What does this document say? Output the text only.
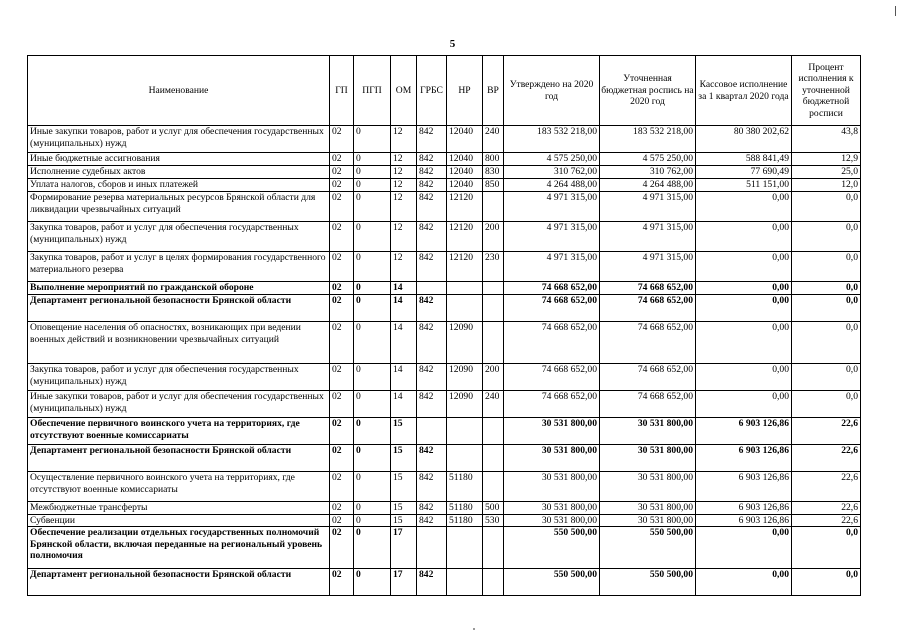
5
Наименование	ГП	ПГП	ОМ	ГРБС	НР	ВР	Утверждено на 2020 год	Уточненная бюджетная роспись на 2020 год	Кассовое исполнение за 1 квартал 2020 года	Процент исполнения к уточненной бюджетной росписи
Иные закупки товаров, работ и услуг для обеспечения государственных (муниципальных) нужд	02	0	12	842	12040	240	183 532 218,00	183 532 218,00	80 380 202,62	43,8
Иные бюджетные ассигнования	02	0	12	842	12040	800	4 575 250,00	4 575 250,00	588 841,49	12,9
Исполнение судебных актов	02	0	12	842	12040	830	310 762,00	310 762,00	77 690,49	25,0
Уплата налогов, сборов и иных платежей	02	0	12	842	12040	850	4 264 488,00	4 264 488,00	511 151,00	12,0
Формирование резерва материальных ресурсов Брянской области для ликвидации чрезвычайных ситуаций	02	0	12	842	12120		4 971 315,00	4 971 315,00	0,00	0,0
Закупка товаров, работ и услуг для обеспечения государственных (муниципальных) нужд	02	0	12	842	12120	200	4 971 315,00	4 971 315,00	0,00	0,0
Закупка товаров, работ и услуг в целях формирования государственного материального резерва	02	0	12	842	12120	230	4 971 315,00	4 971 315,00	0,00	0,0
Выполнение мероприятий по гражданской обороне	02	0	14				74 668 652,00	74 668 652,00	0,00	0,0
Департамент региональной безопасности Брянской области	02	0	14	842			74 668 652,00	74 668 652,00	0,00	0,0
Оповещение населения об опасностях, возникающих при ведении военных действий и возникновении чрезвычайных ситуаций	02	0	14	842	12090		74 668 652,00	74 668 652,00	0,00	0,0
Закупка товаров, работ и услуг для обеспечения государственных (муниципальных) нужд	02	0	14	842	12090	200	74 668 652,00	74 668 652,00	0,00	0,0
Иные закупки товаров, работ и услуг для обеспечения государственных (муниципальных) нужд	02	0	14	842	12090	240	74 668 652,00	74 668 652,00	0,00	0,0
Обеспечение первичного воинского учета на территориях, где отсутствуют военные комиссариаты	02	0	15				30 531 800,00	30 531 800,00	6 903 126,86	22,6
Департамент региональной безопасности Брянской области	02	0	15	842			30 531 800,00	30 531 800,00	6 903 126,86	22,6
Осуществление первичного воинского учета на территориях, где отсутствуют военные комиссариаты	02	0	15	842	51180		30 531 800,00	30 531 800,00	6 903 126,86	22,6
Межбюджетные трансферты	02	0	15	842	51180	500	30 531 800,00	30 531 800,00	6 903 126,86	22,6
Субвенции	02	0	15	842	51180	530	30 531 800,00	30 531 800,00	6 903 126,86	22,6
Обеспечение реализации отдельных государственных полномочий Брянской области, включая переданные на региональный уровень полномочия	02	0	17				550 500,00	550 500,00	0,00	0,0
Департамент региональной безопасности Брянской области	02	0	17	842			550 500,00	550 500,00	0,00	0,0
